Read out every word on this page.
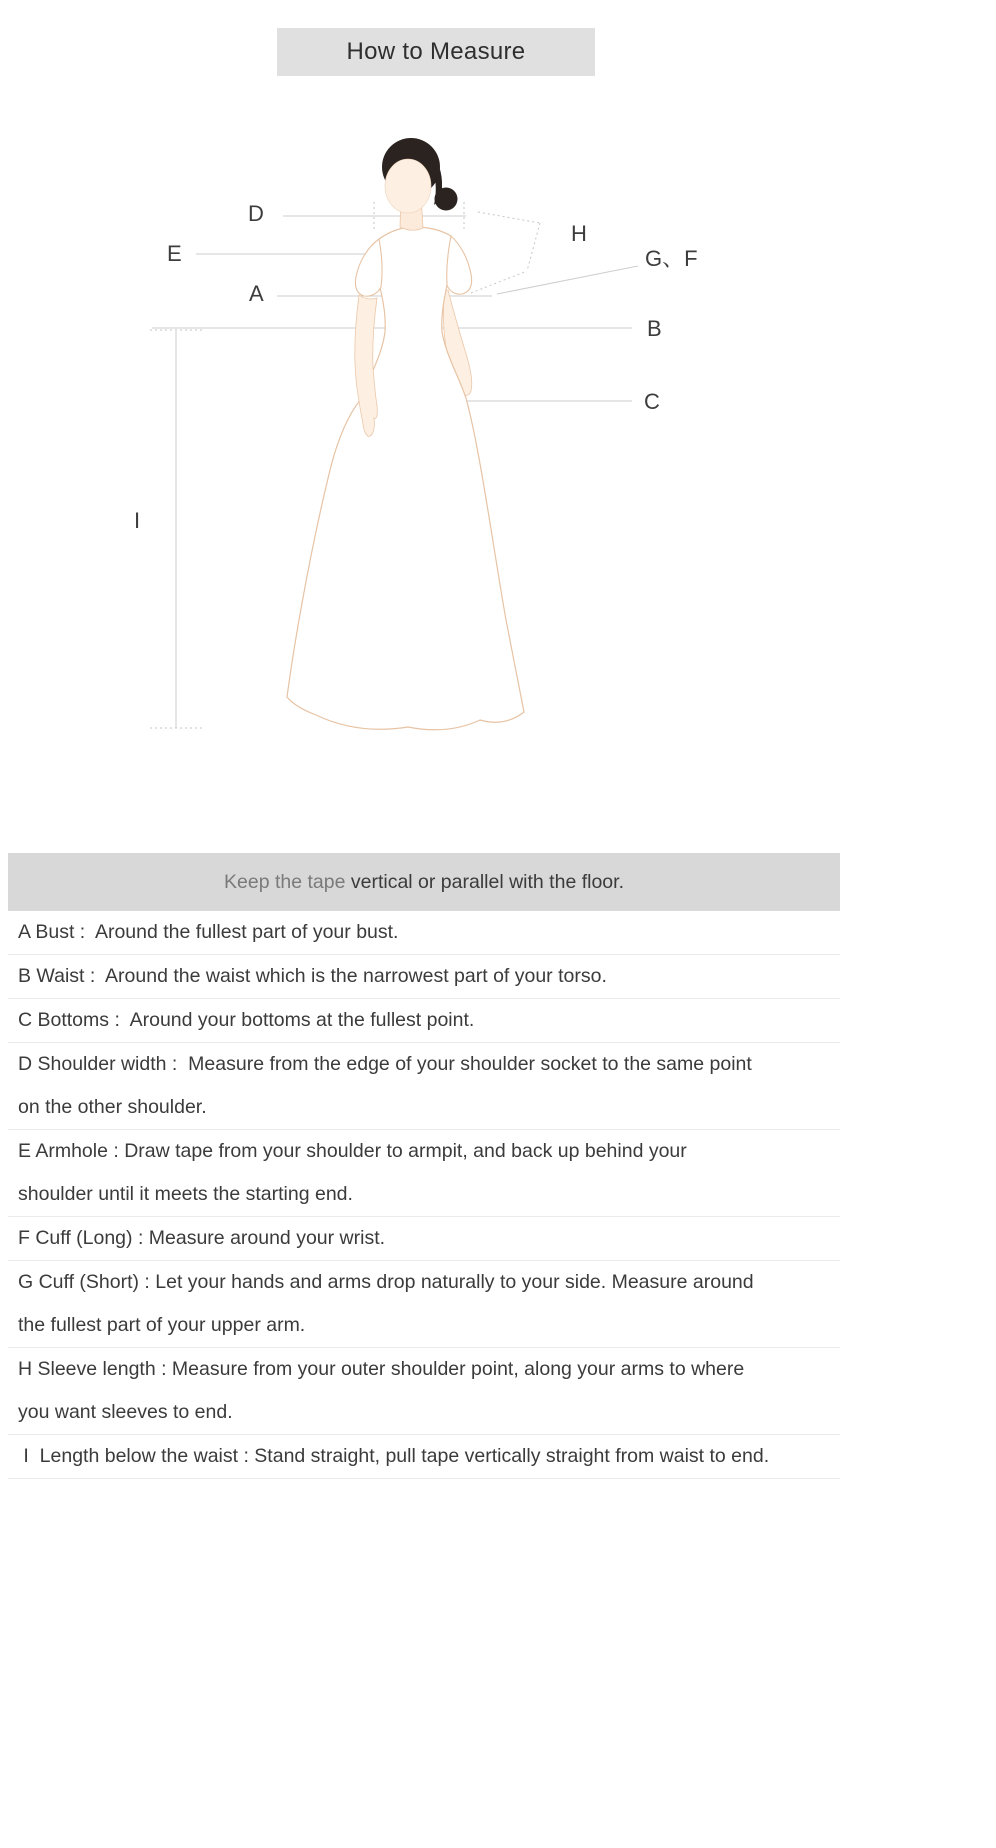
How to Measure
D
E
A
H
G、F
B
C
I
Keep the tape vertical or parallel with the floor.
A Bust :  Around the fullest part of your bust.
B Waist :  Around the waist which is the narrowest part of your torso.
C Bottoms :  Around your bottoms at the fullest point.
D Shoulder width :  Measure from the edge of your shoulder socket to the same point
on the other shoulder.
E Armhole : Draw tape from your shoulder to armpit, and back up behind your
shoulder until it meets the starting end.
F Cuff (Long) : Measure around your wrist.
G Cuff (Short) : Let your hands and arms drop naturally to your side. Measure around
the fullest part of your upper arm.
H Sleeve length : Measure from your outer shoulder point, along your arms to where
you want sleeves to end.
I  Length below the waist : Stand straight, pull tape vertically straight from waist to end.
